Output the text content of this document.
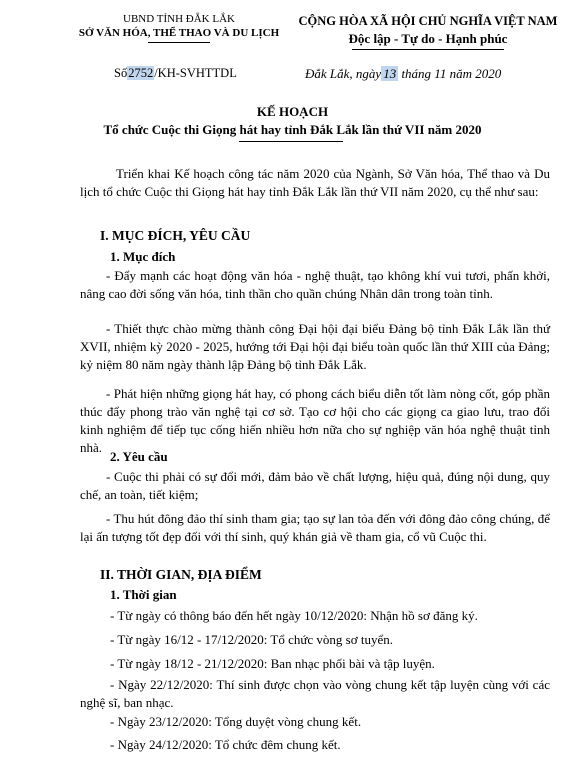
UBND TỈNH ĐẮK LẮK
SỞ VĂN HÓA, THỂ THAO VÀ DU LỊCH
CỘNG HÒA XÃ HỘI CHỦ NGHĨA VIỆT NAM
Độc lập - Tự do - Hạnh phúc
Số2752/KH-SVHTTDL	Đắk Lắk, ngày 13 tháng 11 năm 2020
KẾ HOẠCH
Tổ chức Cuộc thi Giọng hát hay tỉnh Đắk Lắk lần thứ VII năm 2020
Triển khai Kế hoạch công tác năm 2020 của Ngành, Sở Văn hóa, Thể thao và Du lịch tổ chức Cuộc thi Giọng hát hay tỉnh Đắk Lắk lần thứ VII năm 2020, cụ thể như sau:
I. MỤC ĐÍCH, YÊU CẦU
1. Mục đích
- Đẩy mạnh các hoạt động văn hóa - nghệ thuật, tạo không khí vui tươi, phấn khởi, nâng cao đời sống văn hóa, tinh thần cho quần chúng Nhân dân trong toàn tỉnh.
- Thiết thực chào mừng thành công Đại hội đại biểu Đảng bộ tỉnh Đắk Lắk lần thứ XVII, nhiệm kỳ 2020 - 2025, hướng tới Đại hội đại biểu toàn quốc lần thứ XIII của Đảng; kỷ niệm 80 năm ngày thành lập Đảng bộ tỉnh Đắk Lắk.
- Phát hiện những giọng hát hay, có phong cách biểu diễn tốt làm nòng cốt, góp phần thúc đẩy phong trào văn nghệ tại cơ sở. Tạo cơ hội cho các giọng ca giao lưu, trao đổi kinh nghiệm để tiếp tục cống hiến nhiều hơn nữa cho sự nghiệp văn hóa nghệ thuật tỉnh nhà.
2. Yêu cầu
- Cuộc thi phải có sự đổi mới, đảm bảo về chất lượng, hiệu quả, đúng nội dung, quy chế, an toàn, tiết kiệm;
- Thu hút đông đảo thí sinh tham gia; tạo sự lan tỏa đến với đông đảo công chúng, để lại ấn tượng tốt đẹp đối với thí sinh, quý khán giả về tham gia, cổ vũ Cuộc thi.
II. THỜI GIAN, ĐỊA ĐIỂM
1. Thời gian
- Từ ngày có thông báo đến hết ngày 10/12/2020: Nhận hồ sơ đăng ký.
- Từ ngày 16/12 - 17/12/2020: Tổ chức vòng sơ tuyển.
- Từ ngày 18/12 - 21/12/2020: Ban nhạc phối bài và tập luyện.
- Ngày 22/12/2020: Thí sinh được chọn vào vòng chung kết tập luyện cùng với các nghệ sĩ, ban nhạc.
- Ngày 23/12/2020: Tổng duyệt vòng chung kết.
- Ngày 24/12/2020: Tổ chức đêm chung kết.
